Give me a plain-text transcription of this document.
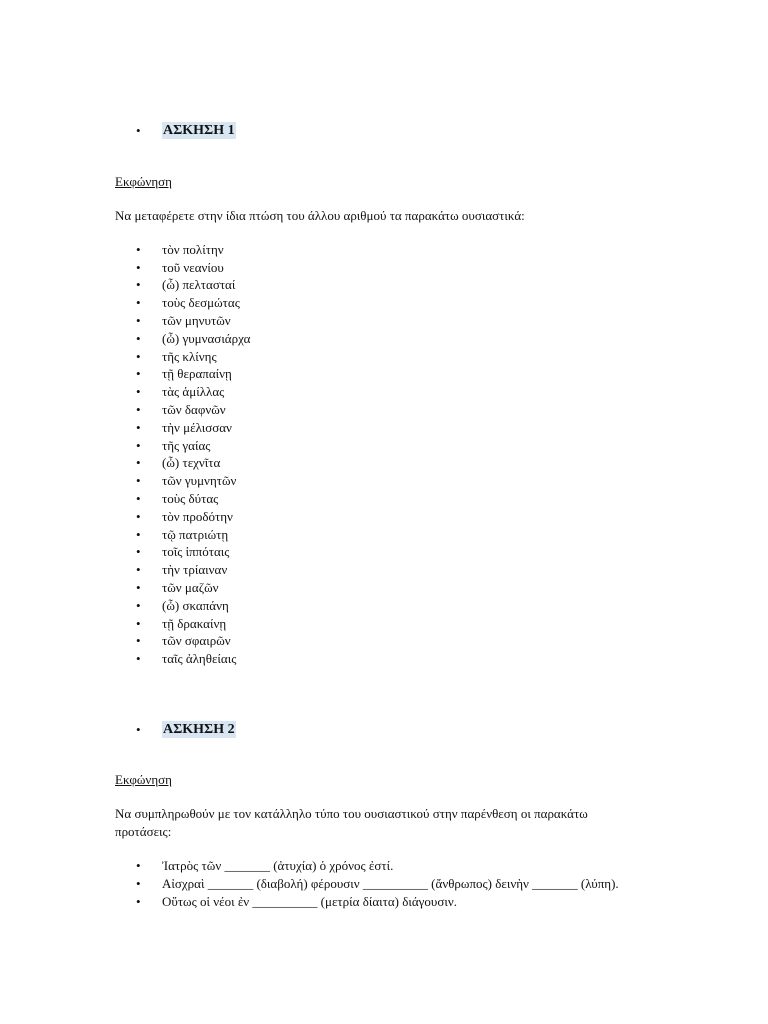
•	ΑΣΚΗΣΗ 1
Εκφώνηση
Να μεταφέρετε στην ίδια πτώση του άλλου αριθμού τα παρακάτω ουσιαστικά:
•	τὸν πολίτην
•	τοῦ νεανίου
•	(ὦ) πελτασταί
•	τοὺς δεσμώτας
•	τῶν μηνυτῶν
•	(ὦ) γυμνασιάρχα
•	τῆς κλίνης
•	τῇ θεραπαίνῃ
•	τὰς ἁμίλλας
•	τῶν δαφνῶν
•	τὴν μέλισσαν
•	τῆς γαίας
•	(ὦ) τεχνῖτα
•	τῶν γυμνητῶν
•	τοὺς δύτας
•	τὸν προδότην
•	τῷ πατριώτῃ
•	τοῖς ἱππόταις
•	τὴν τρίαιναν
•	τῶν μαζῶν
•	(ὦ) σκαπάνη
•	τῇ δρακαίνῃ
•	τῶν σφαιρῶν
•	ταῖς ἀληθείαις
•	ΑΣΚΗΣΗ 2
Εκφώνηση
Να συμπληρωθούν με τον κατάλληλο τύπο του ουσιαστικού στην παρένθεση οι παρακάτω προτάσεις:
•	Ἰατρὸς τῶν _______ (ἀτυχία) ὁ χρόνος ἐστί.
•	Αἰσχραὶ _______ (διαβολή) φέρουσιν __________ (ἄνθρωπος) δεινὴν _______ (λύπη).
•	Οὕτως οἱ νέοι ἐν __________ (μετρία δίαιτα) διάγουσιν.
